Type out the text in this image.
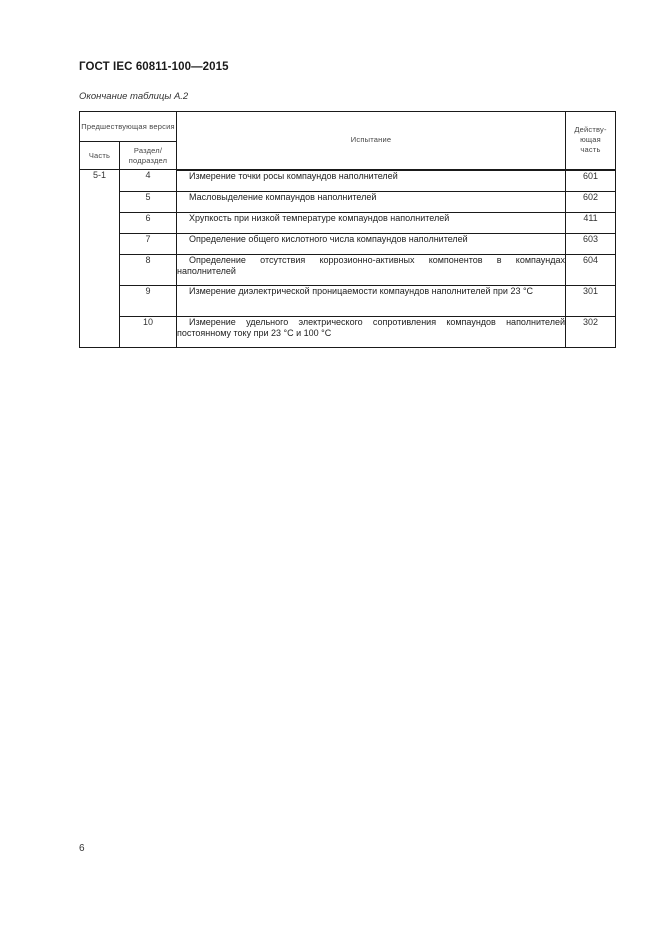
ГОСТ IEC 60811-100—2015
Окончание таблицы А.2
Предшествующая версия		Испытание	Действу-ющая часть
Часть	Раздел/ подраздел		
5-1	4	Измерение точки росы компаундов наполнителей	601
	5	Масловыделение компаундов наполнителей	602
	6	Хрупкость при низкой температуре компаундов наполнителей	411
	7	Определение общего кислотного числа компаундов наполнителей	603
	8	Определение отсутствия коррозионно-активных компонентов в компаундах наполнителей	604
	9	Измерение диэлектрической проницаемости компаундов наполнителей при 23 °С	301
	10	Измерение удельного электрического сопротивления компаундов наполнителей постоянному току при 23 °С и 100 °С	302
6
